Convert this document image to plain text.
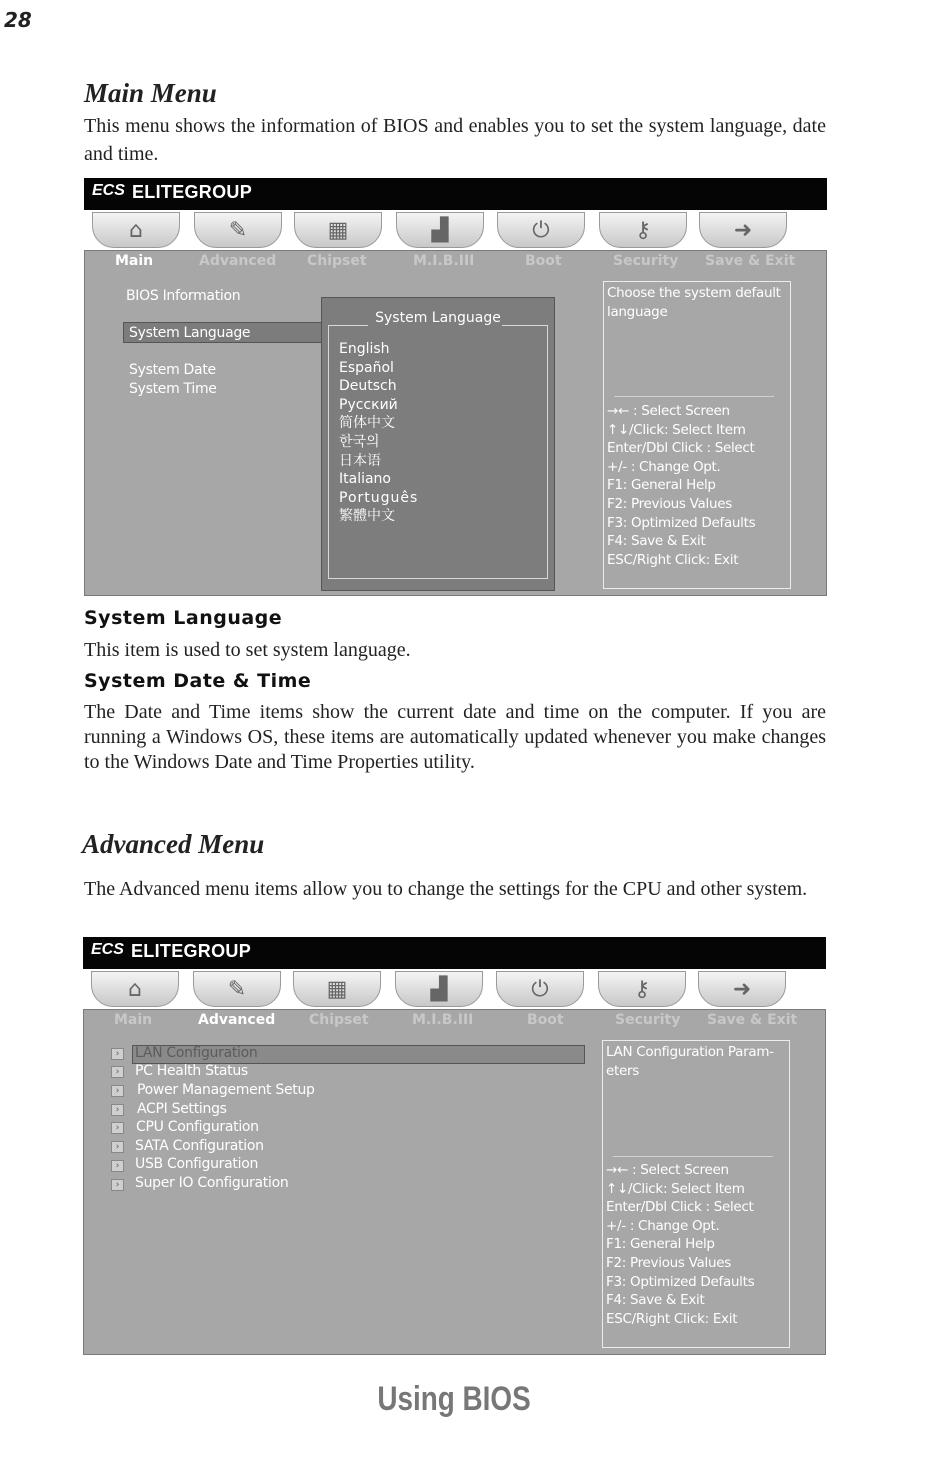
28
Main Menu
This menu shows the information of BIOS and enables you to set the system language, date and time.
ECS ELITEGROUP
⌂	✎	▦	▟	⏻	⚷	➜
Main	Advanced Chipset	M.I.B.III	Boot	Security Save & Exit
BIOS Information
System Language
System Date
System Time
System Language
English
Español
Deutsch
Русский
简体中文
한국의
日本语
Italiano
Português
繁體中文
Choose the system default language
→← : Select Screen
↑↓/Click: Select Item
Enter/Dbl Click : Select
+/- : Change Opt.
F1: General Help
F2: Previous Values
F3: Optimized Defaults
F4: Save & Exit
ESC/Right Click: Exit
System Language
This item is used to set system language.
System Date & Time
The Date and Time items show the current date and time on the computer. If you are running a Windows OS, these items are automatically updated whenever you make changes to the Windows Date and Time Properties utility.
Advanced Menu
The Advanced menu items allow you to change the settings for the CPU and other system.
ECS ELITEGROUP
⌂	✎	▦	▟	⏻	⚷	➜
Main	Advanced Chipset	M.I.B.III	Boot	Security Save & Exit
›
›
›
›
›
›
›
›
LAN Configuration
PC Health Status
Power Management Setup
ACPI Settings
CPU Configuration
SATA Configuration
USB Configuration
Super IO Configuration
LAN Configuration Param- eters
→← : Select Screen
↑↓/Click: Select Item
Enter/Dbl Click : Select
+/- : Change Opt.
F1: General Help
F2: Previous Values
F3: Optimized Defaults
F4: Save & Exit
ESC/Right Click: Exit
Using BIOS
